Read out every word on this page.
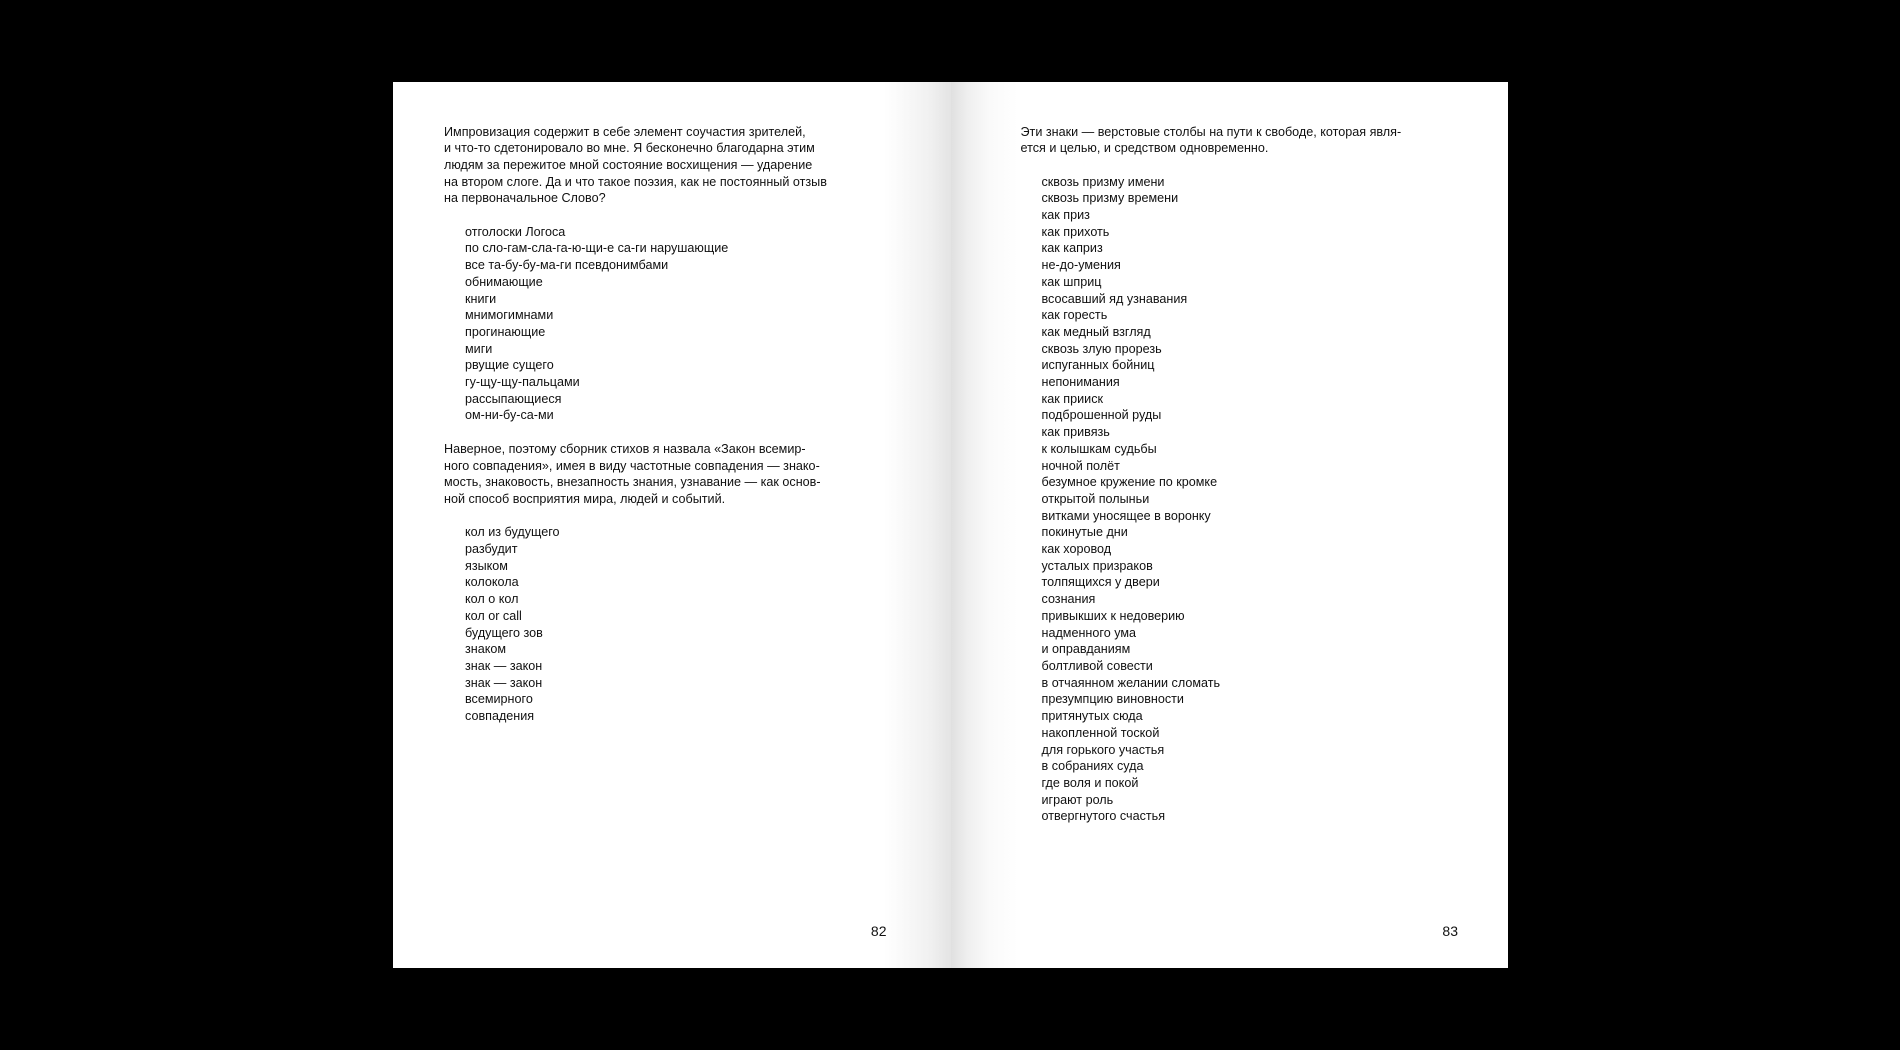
Импровизация содержит в себе элемент соучастия зрителей,
и что-то сдетонировало во мне. Я бесконечно благодарна этим
людям за пережитое мной состояние восхищения — ударение
на втором слоге. Да и что такое поэзия, как не постоянный отзыв
на первоначальное Слово?

отголоски Логоса
по сло-гам-сла-га-ю-щи-е са-ги нарушающие
все та-бу-бу-ма-ги псевдонимбами
обнимающие
книги
мнимогимнами
прогинающие
миги
рвущие сущего
гу-щу-щу-пальцами
рассыпающиеся
ом-ни-бу-са-ми

Наверное, поэтому сборник стихов я назвала «Закон всемир-
ного совпадения», имея в виду частотные совпадения — знако-
мость, знаковость, внезапность знания, узнавание — как основ-
ной способ восприятия мира, людей и событий.

кол из будущего
разбудит
языком
колокола
кол о кол
кол or call
будущего зов
знаком
знак — закон
знак — закон
всемирного
совпадения
82

Эти знаки — верстовые столбы на пути к свободе, которая явля-
ется и целью, и средством одновременно.

сквозь призму имени
сквозь призму времени
как приз
как прихоть
как каприз
не-до-умения
как шприц
всосавший яд узнавания
как горесть
как медный взгляд
сквозь злую прорезь
испуганных бойниц
непонимания
как прииск
подброшенной руды
как привязь
к колышкам судьбы
ночной полёт
безумное кружение по кромке
открытой полыньи
витками уносящее в воронку
покинутые дни
как хоровод
усталых призраков
толпящихся у двери
сознания
привыкших к недоверию
надменного ума
и оправданиям
болтливой совести
в отчаянном желании сломать
презумпцию виновности
притянутых сюда
накопленной тоской
для горького участья
в собраниях суда
где воля и покой
играют роль
отвергнутого счастья
83
